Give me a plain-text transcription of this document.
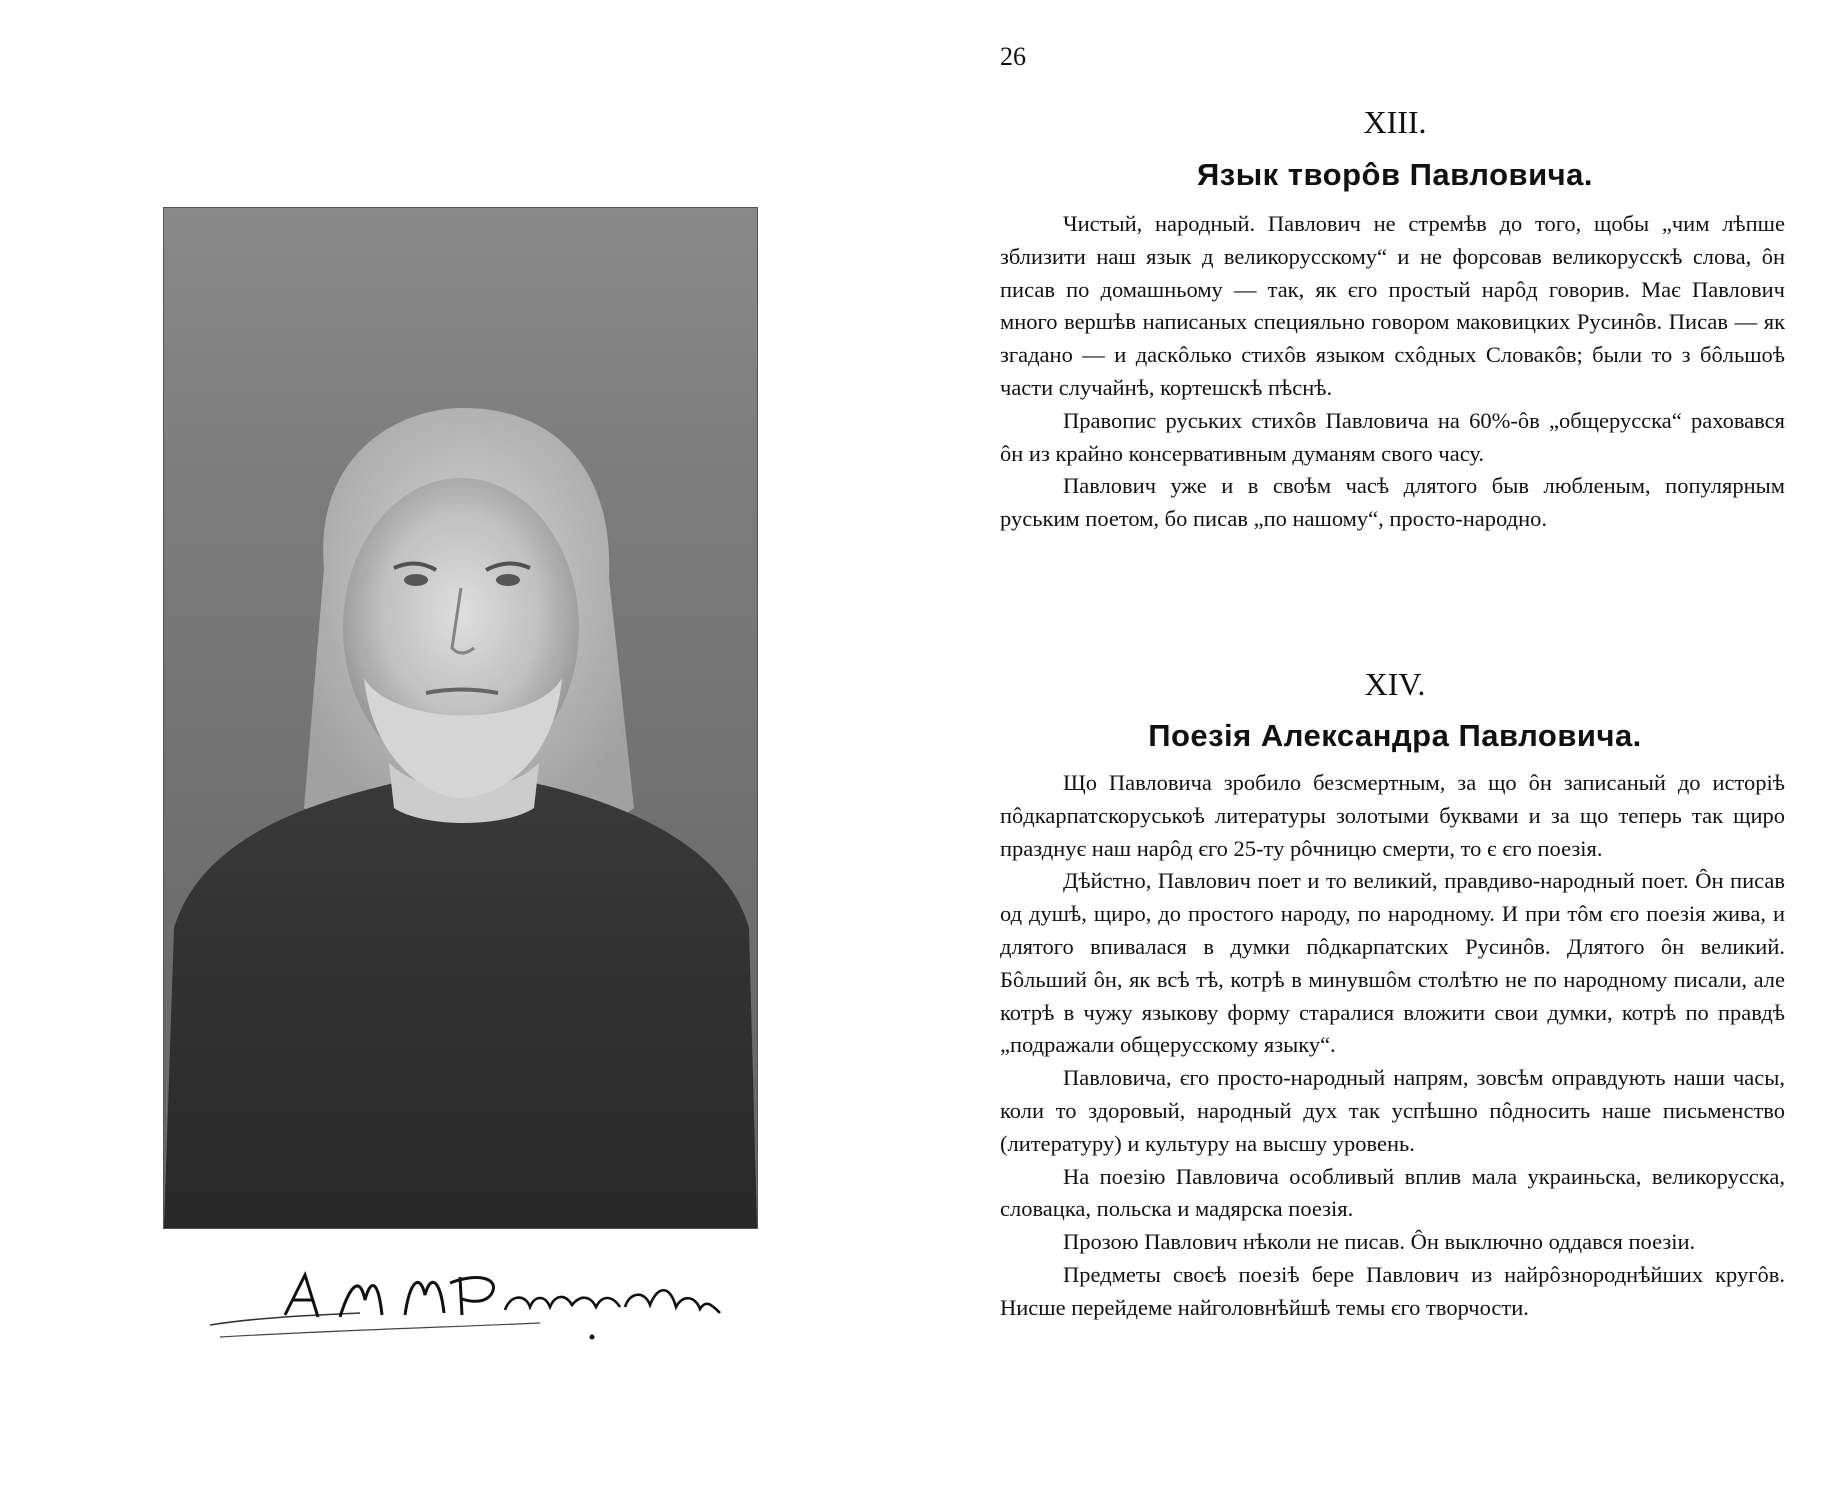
26
XIII.
Язык творôв Павловича.

Чистый, народный. Павлович не стремѣв до того, щобы „чим лѣпше зблизити наш язык д великорусскому“ и не форсовав великорусскѣ слова, ôн писав по домашньому — так, як єго простый нарôд говорив. Має Павлович много вершѣв написаных специяльно говором маковицких Русинôв. Писав — як згадано — и даскôлько стихôв языком схôдных Словакôв; были то з бôльшоѣ части случайнѣ, кортешскѣ пѣснѣ.

Правопис руських стихôв Павловича на 60%-ôв „общерусска“ раховався ôн из крайно консервативным думаням свого часу.

Павлович уже и в своѣм часѣ длятого быв любленым, популярным руським поетом, бо писав „по нашому“, просто-народно.

XIV.
Поезія Александра Павловича.

Що Павловича зробило безсмертным, за що ôн записаный до исторіѣ пôдкарпатскоруськоѣ литературы золотыми буквами и за що теперь так щиро празднує наш нарôд єго 25-ту рôчницю смерти, то є єго поезія.

Дѣйстно, Павлович поет и то великий, правдиво-народный поет. Ôн писав од душѣ, щиро, до простого народу, по народному. И при тôм єго поезія жива, и длятого впивалася в думки пôдкарпатских Русинôв. Длятого ôн великий. Бôльший ôн, як всѣ тѣ, котрѣ в минувшôм столѣтю не по народному писали, але котрѣ в чужу языкову форму старалися вложити свои думки, котрѣ по правдѣ „подражали общерусскому языку“.

Павловича, єго просто-народный напрям, зовсѣм оправдують наши часы, коли то здоровый, народный дух так успѣшно пôдносить наше письменство (литературу) и культуру на высшу уровень.

На поезію Павловича особливый вплив мала украиньска, великорусска, словацка, польска и мадярска поезія.

Прозою Павлович нѣколи не писав. Ôн выключно оддався поезіи.

Предметы своєѣ поезіѣ бере Павлович из найрôзнороднѣйших кругôв. Нисше перейдеме найголовнѣйшѣ темы єго творчости.
